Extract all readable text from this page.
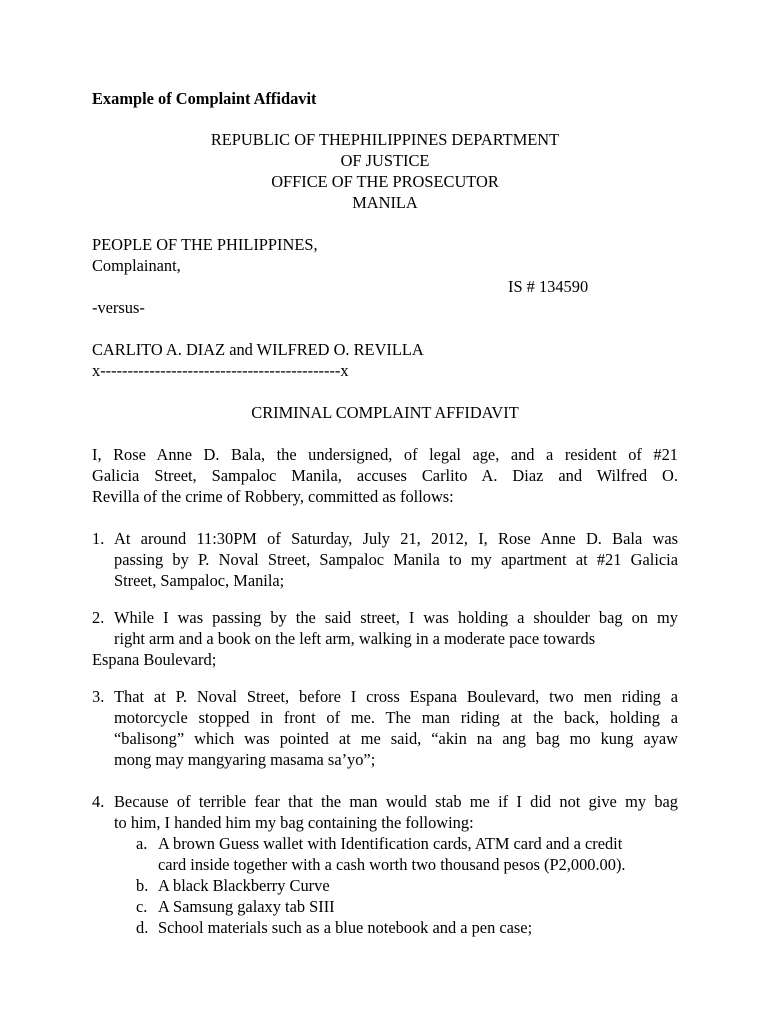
Example of Complaint Affidavit
REPUBLIC OF THEPHILIPPINES DEPARTMENT
OF JUSTICE
OFFICE OF THE PROSECUTOR
MANILA
PEOPLE OF THE PHILIPPINES,
Complainant,
IS # 134590
-versus-
CARLITO A. DIAZ and WILFRED O. REVILLA
x--------------------------------------------x
CRIMINAL COMPLAINT AFFIDAVIT
I, Rose Anne D. Bala, the undersigned, of legal age, and a resident of #21
Galicia Street, Sampaloc Manila, accuses Carlito A. Diaz and Wilfred O.
Revilla of the crime of Robbery, committed as follows:
1. At around 11:30PM of Saturday, July 21, 2012, I, Rose Anne D. Bala was
passing by P. Noval Street, Sampaloc Manila to my apartment at #21 Galicia
Street, Sampaloc, Manila;
2. While I was passing by the said street, I was holding a shoulder bag on my
right arm and a book on the left arm, walking in a moderate pace towards
Espana Boulevard;
3. That at P. Noval Street, before I cross Espana Boulevard, two men riding a
motorcycle stopped in front of me. The man riding at the back, holding a
“balisong” which was pointed at me said, “akin na ang bag mo kung ayaw
mong may mangyaring masama sa’yo”;
4. Because of terrible fear that the man would stab me if I did not give my bag
to him, I handed him my bag containing the following:
a. A brown Guess wallet with Identification cards, ATM card and a credit
card inside together with a cash worth two thousand pesos (P2,000.00).
b. A black Blackberry Curve
c. A Samsung galaxy tab SIII
d. School materials such as a blue notebook and a pen case;
